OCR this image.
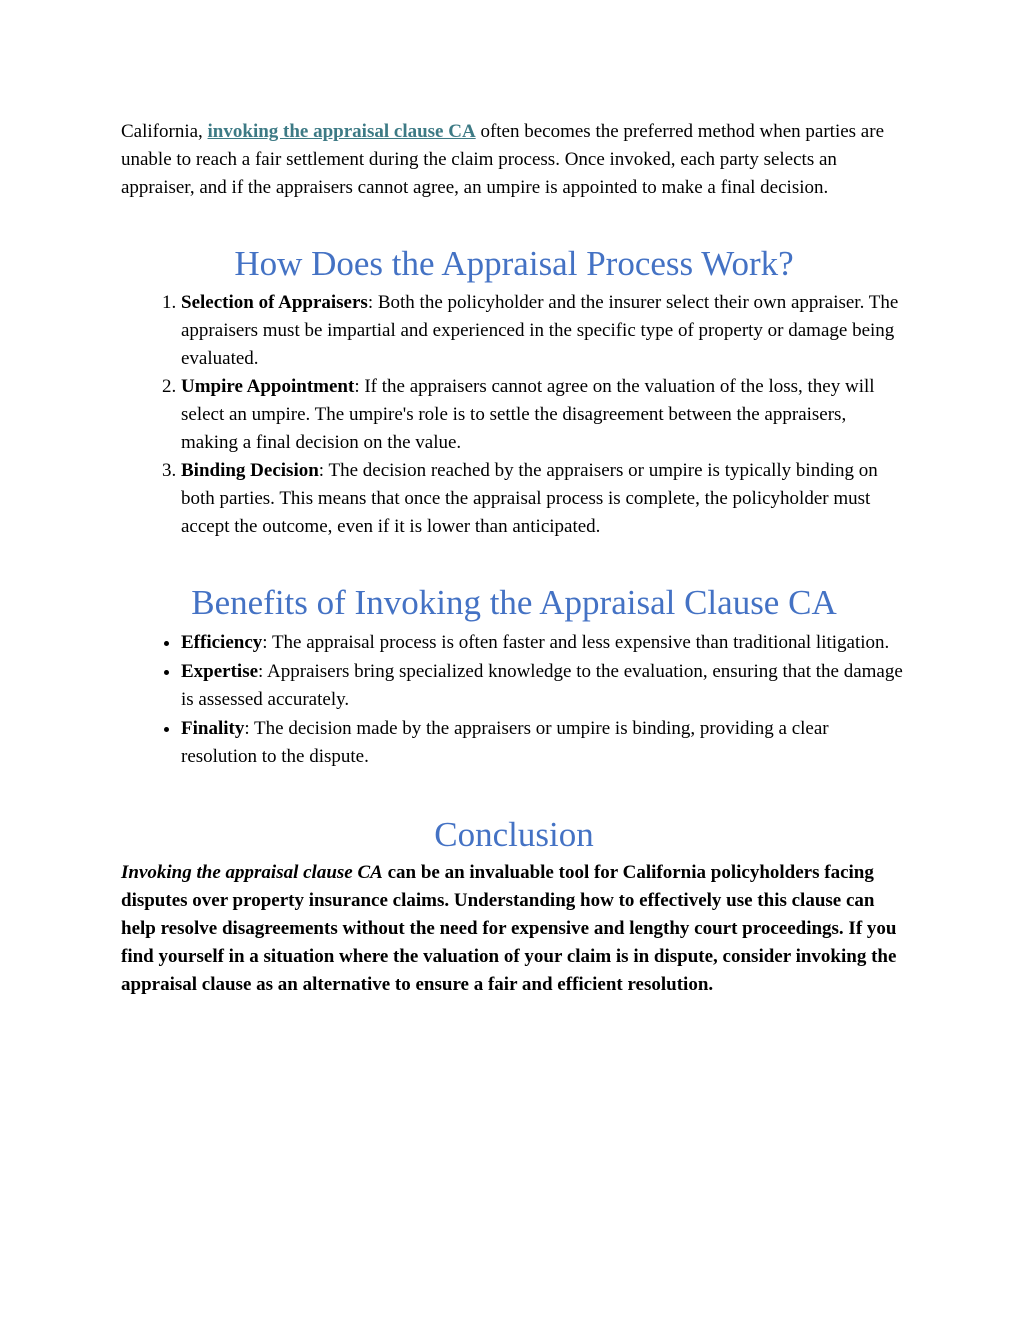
California, invoking the appraisal clause CA often becomes the preferred method when parties are unable to reach a fair settlement during the claim process. Once invoked, each party selects an appraiser, and if the appraisers cannot agree, an umpire is appointed to make a final decision.

How Does the Appraisal Process Work?
1. Selection of Appraisers: Both the policyholder and the insurer select their own appraiser. The appraisers must be impartial and experienced in the specific type of property or damage being evaluated.
2. Umpire Appointment: If the appraisers cannot agree on the valuation of the loss, they will select an umpire. The umpire's role is to settle the disagreement between the appraisers, making a final decision on the value.
3. Binding Decision: The decision reached by the appraisers or umpire is typically binding on both parties. This means that once the appraisal process is complete, the policyholder must accept the outcome, even if it is lower than anticipated.
Benefits of Invoking the Appraisal Clause CA
• Efficiency: The appraisal process is often faster and less expensive than traditional litigation.
• Expertise: Appraisers bring specialized knowledge to the evaluation, ensuring that the damage is assessed accurately.
• Finality: The decision made by the appraisers or umpire is binding, providing a clear resolution to the dispute.
Conclusion

Invoking the appraisal clause CA can be an invaluable tool for California policyholders facing disputes over property insurance claims. Understanding how to effectively use this clause can help resolve disagreements without the need for expensive and lengthy court proceedings. If you find yourself in a situation where the valuation of your claim is in dispute, consider invoking the appraisal clause as an alternative to ensure a fair and efficient resolution.
